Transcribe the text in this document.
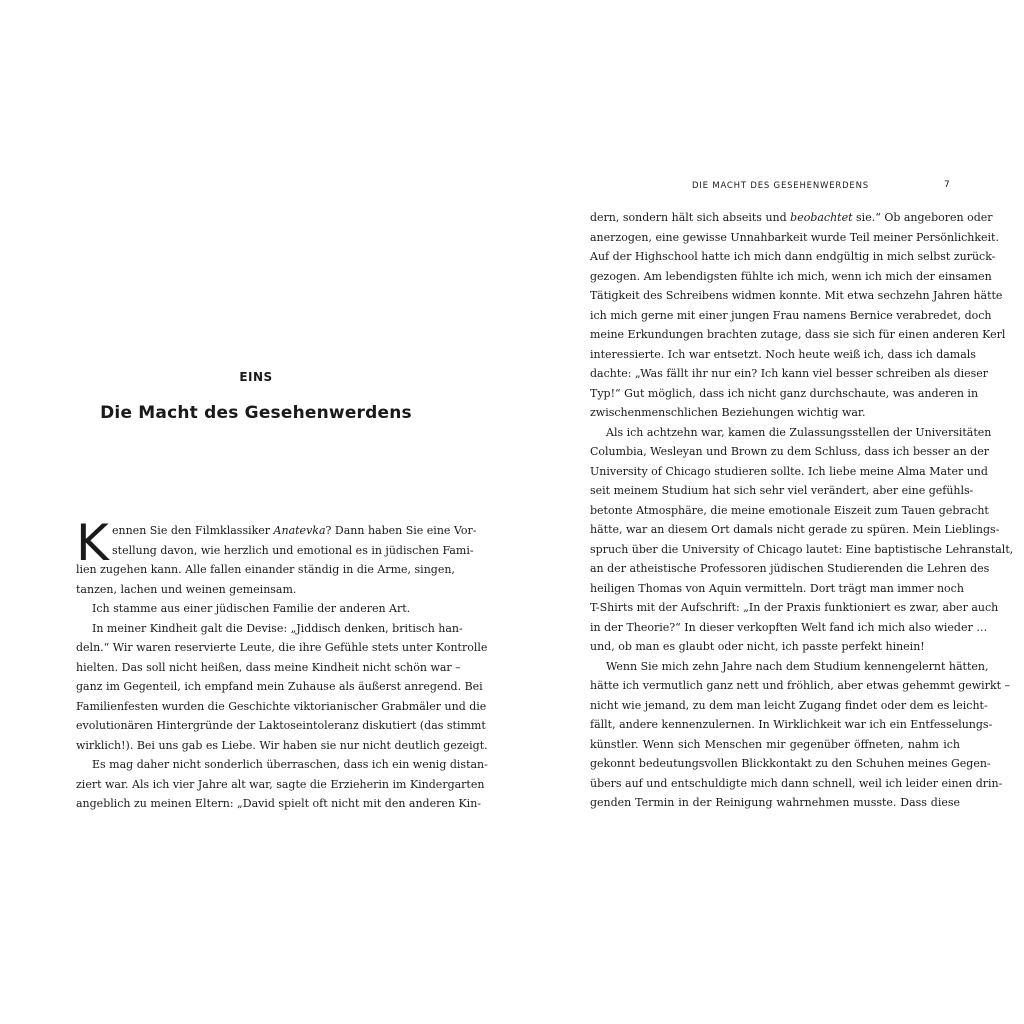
EINS
Die Macht des Gesehenwerdens
K ennen Sie den Filmklassiker Anatevka? Dann haben Sie eine Vor-
stellung davon, wie herzlich und emotional es in jüdischen Fami-
lien zugehen kann. Alle fallen einander ständig in die Arme, singen,
tanzen, lachen und weinen gemeinsam.
Ich stamme aus einer jüdischen Familie der anderen Art.
In meiner Kindheit galt die Devise: „Jiddisch denken, britisch han-
deln.“ Wir waren reservierte Leute, die ihre Gefühle stets unter Kontrolle
hielten. Das soll nicht heißen, dass meine Kindheit nicht schön war –
ganz im Gegenteil, ich empfand mein Zuhause als äußerst anregend. Bei
Familienfesten wurden die Geschichte viktorianischer Grabmäler und die
evolutionären Hintergründe der Laktoseintoleranz diskutiert (das stimmt
wirklich!). Bei uns gab es Liebe. Wir haben sie nur nicht deutlich gezeigt.
Es mag daher nicht sonderlich überraschen, dass ich ein wenig distan-
ziert war. Als ich vier Jahre alt war, sagte die Erzieherin im Kindergarten
angeblich zu meinen Eltern: „David spielt oft nicht mit den anderen Kin-
DIE MACHT DES GESEHENWERDENS	7
dern, sondern hält sich abseits und beobachtet sie.“ Ob angeboren oder
anerzogen, eine gewisse Unnahbarkeit wurde Teil meiner Persönlichkeit.
Auf der Highschool hatte ich mich dann endgültig in mich selbst zurück-
gezogen. Am lebendigsten fühlte ich mich, wenn ich mich der einsamen
Tätigkeit des Schreibens widmen konnte. Mit etwa sechzehn Jahren hätte
ich mich gerne mit einer jungen Frau namens Bernice verabredet, doch
meine Erkundungen brachten zutage, dass sie sich für einen anderen Kerl
interessierte. Ich war entsetzt. Noch heute weiß ich, dass ich damals
dachte: „Was fällt ihr nur ein? Ich kann viel besser schreiben als dieser
Typ!“ Gut möglich, dass ich nicht ganz durchschaute, was anderen in
zwischenmenschlichen Beziehungen wichtig war.
Als ich achtzehn war, kamen die Zulassungsstellen der Universitäten
Columbia, Wesleyan und Brown zu dem Schluss, dass ich besser an der
University of Chicago studieren sollte. Ich liebe meine Alma Mater und
seit meinem Studium hat sich sehr viel verändert, aber eine gefühls-
betonte Atmosphäre, die meine emotionale Eiszeit zum Tauen gebracht
hätte, war an diesem Ort damals nicht gerade zu spüren. Mein Lieblings-
spruch über die University of Chicago lautet: Eine baptistische Lehranstalt,
an der atheistische Professoren jüdischen Studierenden die Lehren des
heiligen Thomas von Aquin vermitteln. Dort trägt man immer noch
T-Shirts mit der Aufschrift: „In der Praxis funktioniert es zwar, aber auch
in der Theorie?“ In dieser verkopften Welt fand ich mich also wieder …
und, ob man es glaubt oder nicht, ich passte perfekt hinein!
Wenn Sie mich zehn Jahre nach dem Studium kennengelernt hätten,
hätte ich vermutlich ganz nett und fröhlich, aber etwas gehemmt gewirkt –
nicht wie jemand, zu dem man leicht Zugang findet oder dem es leicht-
fällt, andere kennenzulernen. In Wirklichkeit war ich ein Entfesselungs-
künstler. Wenn sich Menschen mir gegenüber öffneten, nahm ich
gekonnt bedeutungsvollen Blickkontakt zu den Schuhen meines Gegen-
übers auf und entschuldigte mich dann schnell, weil ich leider einen drin-
genden Termin in der Reinigung wahrnehmen musste. Dass diese
